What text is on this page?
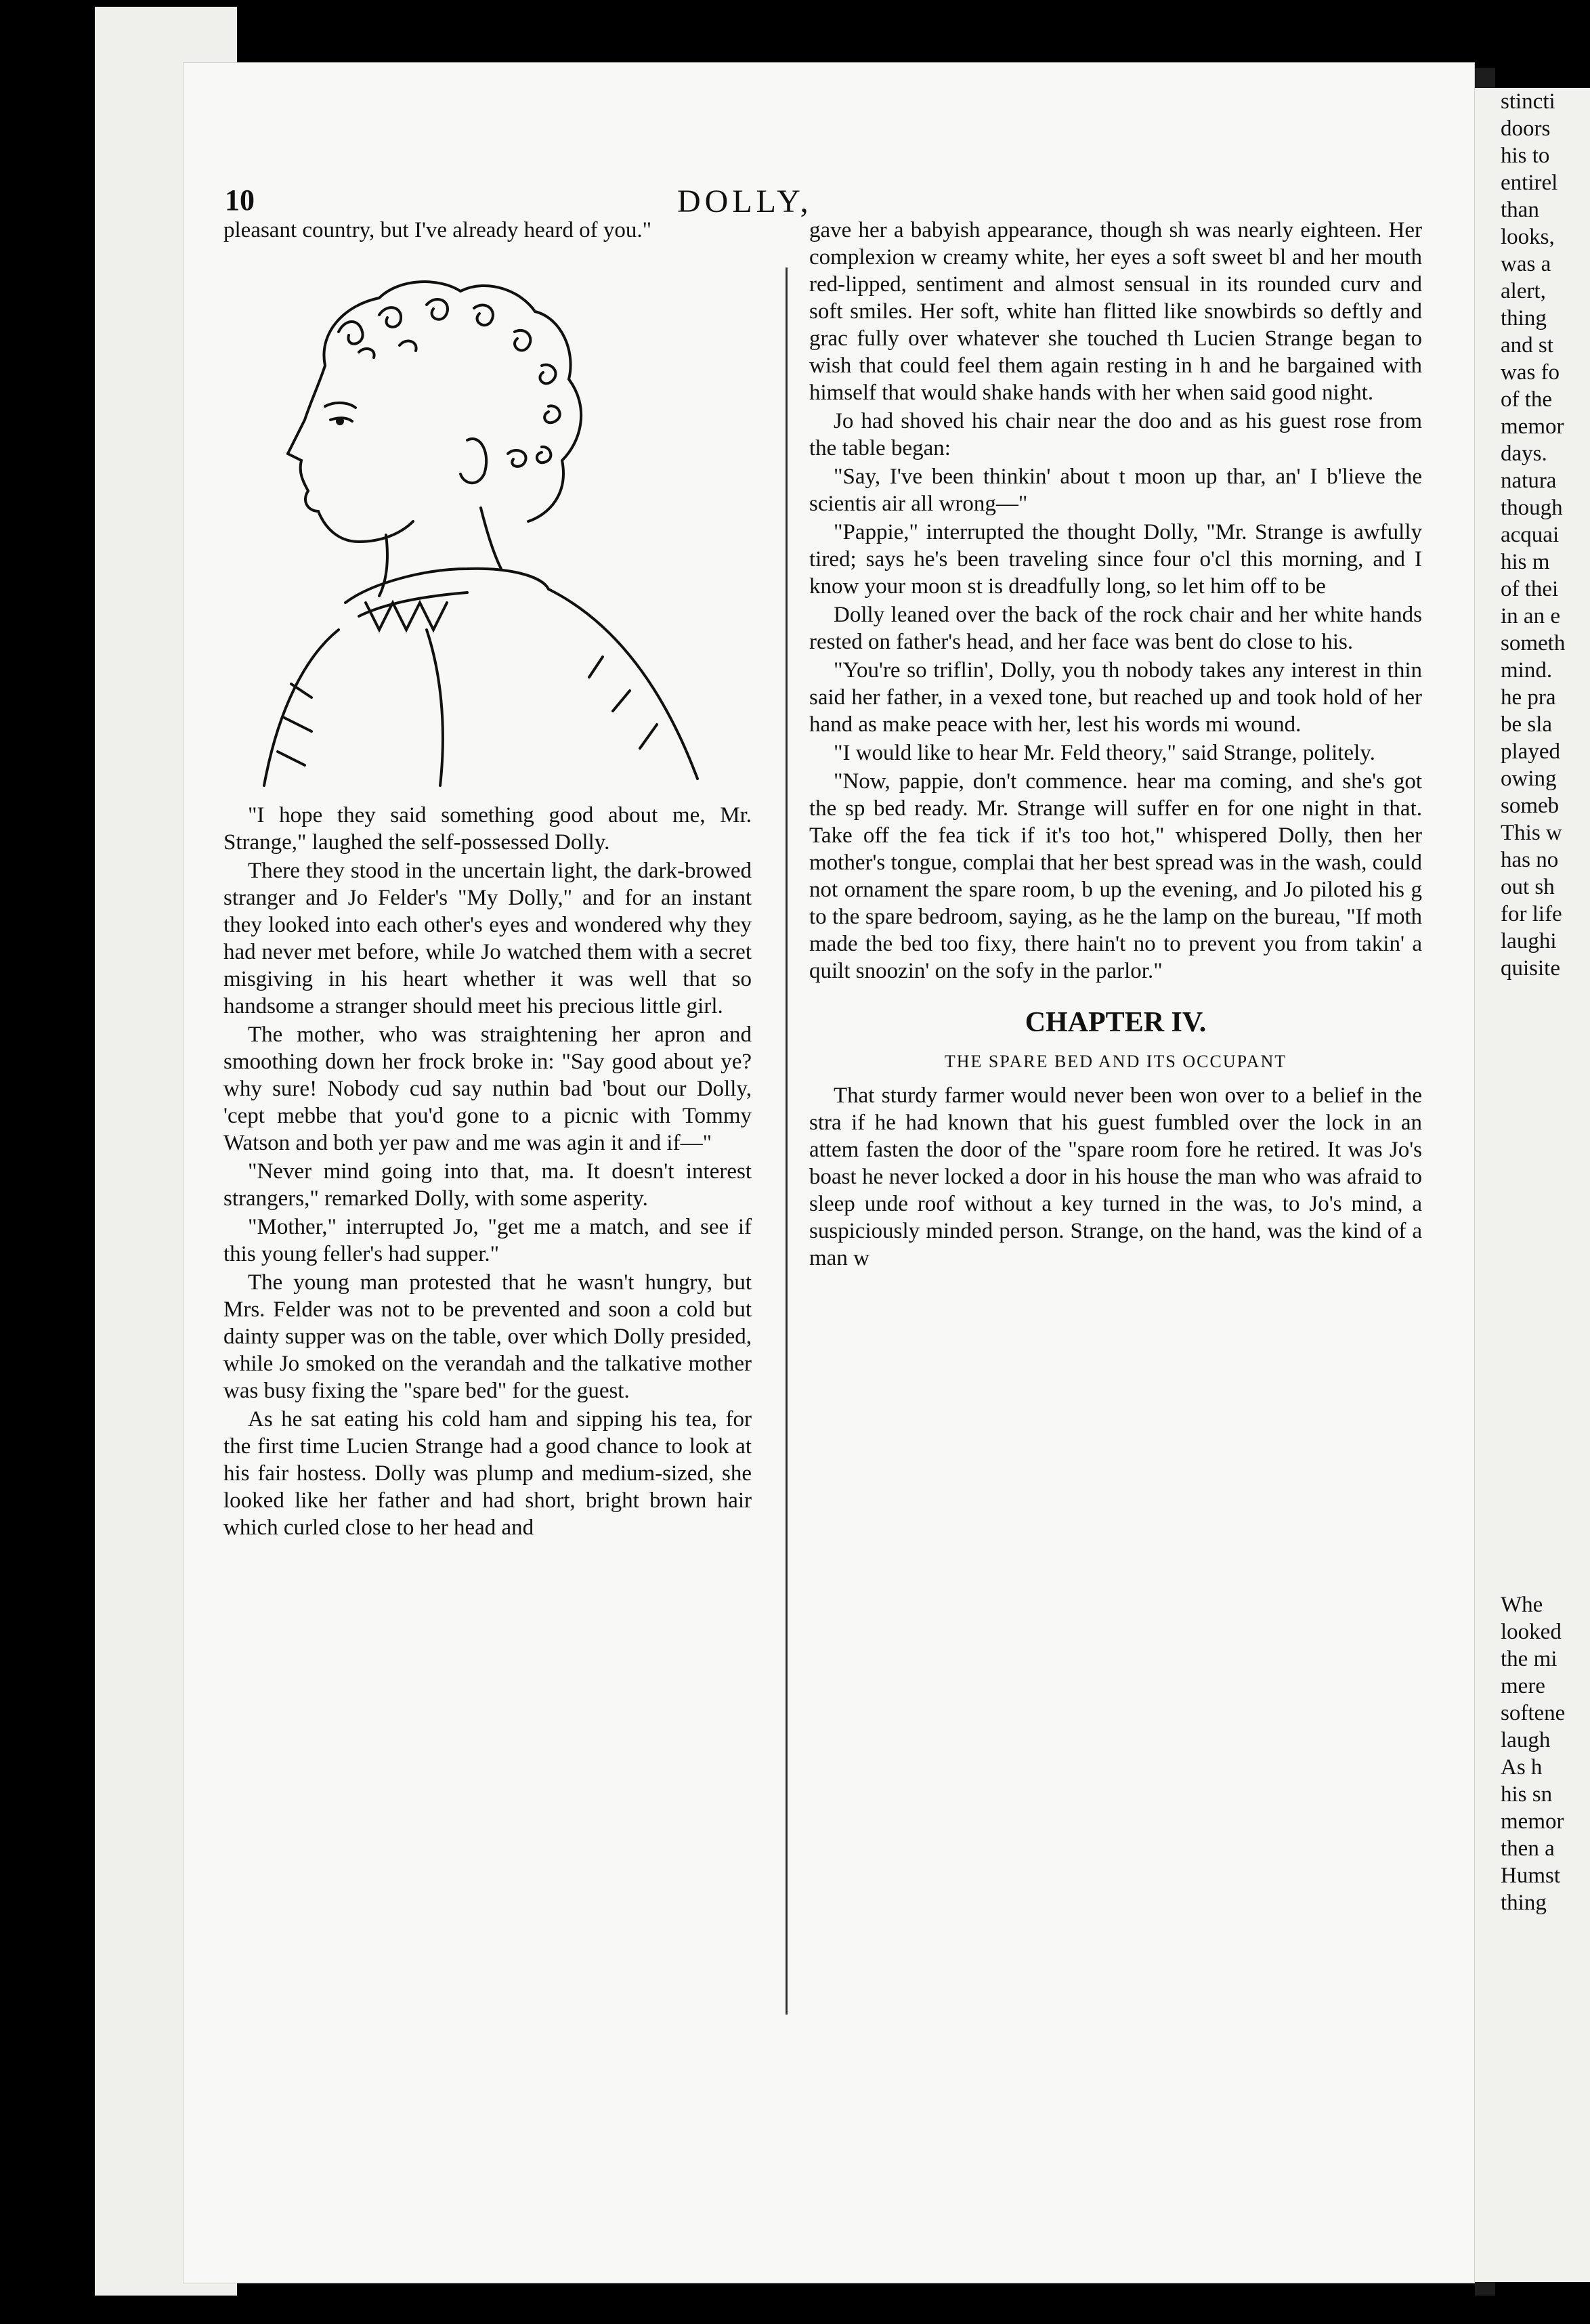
10	DOLLY,

pleasant country, but I've already heard of you."

"I hope they said something good about me, Mr. Strange," laughed the self-possessed Dolly.

There they stood in the uncertain light, the dark-browed stranger and Jo Felder's "My Dolly," and for an instant they looked into each other's eyes and wondered why they had never met before, while Jo watched them with a secret misgiving in his heart whether it was well that so handsome a stranger should meet his precious little girl.

The mother, who was straightening her apron and smoothing down her frock broke in: "Say good about ye? why sure! Nobody cud say nuthin bad 'bout our Dolly, 'cept mebbe that you'd gone to a picnic with Tommy Watson and both yer paw and me was agin it and if—"

"Never mind going into that, ma. It doesn't interest strangers," remarked Dolly, with some asperity.

"Mother," interrupted Jo, "get me a match, and see if this young feller's had supper."

The young man protested that he wasn't hungry, but Mrs. Felder was not to be prevented and soon a cold but dainty supper was on the table, over which Dolly presided, while Jo smoked on the verandah and the talkative mother was busy fixing the "spare bed" for the guest.

As he sat eating his cold ham and sipping his tea, for the first time Lucien Strange had a good chance to look at his fair hostess. Dolly was plump and medium-sized, she looked like her father and had short, bright brown hair which curled close to her head and

gave her a babyish appearance, though sh was nearly eighteen. Her complexion w creamy white, her eyes a soft sweet bl and her mouth red-lipped, sentiment and almost sensual in its rounded curv and soft smiles. Her soft, white han flitted like snowbirds so deftly and grac fully over whatever she touched th Lucien Strange began to wish that could feel them again resting in h and he bargained with himself that would shake hands with her when said good night.

Jo had shoved his chair near the doo and as his guest rose from the table began:

"Say, I've been thinkin' about t moon up thar, an' I b'lieve the scientis air all wrong—"

"Pappie," interrupted the thought Dolly, "Mr. Strange is awfully tired; says he's been traveling since four o'cl this morning, and I know your moon st is dreadfully long, so let him off to be

Dolly leaned over the back of the rock chair and her white hands rested on father's head, and her face was bent do close to his.

"You're so triflin', Dolly, you th nobody takes any interest in thin said her father, in a vexed tone, but reached up and took hold of her hand as make peace with her, lest his words mi wound.

"I would like to hear Mr. Feld theory," said Strange, politely.

"Now, pappie, don't commence. hear ma coming, and she's got the sp bed ready. Mr. Strange will suffer en for one night in that. Take off the fea tick if it's too hot," whispered Dolly, then her mother's tongue, complai that her best spread was in the wash, could not ornament the spare room, b up the evening, and Jo piloted his g to the spare bedroom, saying, as he the lamp on the bureau, "If moth made the bed too fixy, there hain't no to prevent you from takin' a quilt snoozin' on the sofy in the parlor."

CHAPTER IV.
THE SPARE BED AND ITS OCCUPANT

That sturdy farmer would never been won over to a belief in the stra if he had known that his guest fumbled over the lock in an attem fasten the door of the "spare room fore he retired. It was Jo's boast he never locked a door in his house the man who was afraid to sleep unde roof without a key turned in the was, to Jo's mind, a suspiciously minded person. Strange, on the hand, was the kind of a man w

stincti
doors
his to
entirel
than
looks,
was a
alert,
thing
and st
was fo
of the
memor
days.
natura
though
acquai
his m
of thei
in an e
someth
mind.
he pra
be sla
played
owing
someb
This w
has no
out sh
for life
laughi
quisite
Whe
looked
the mi
mere
softene
laugh
As h
his sn
memor
then a
Humst
thing
